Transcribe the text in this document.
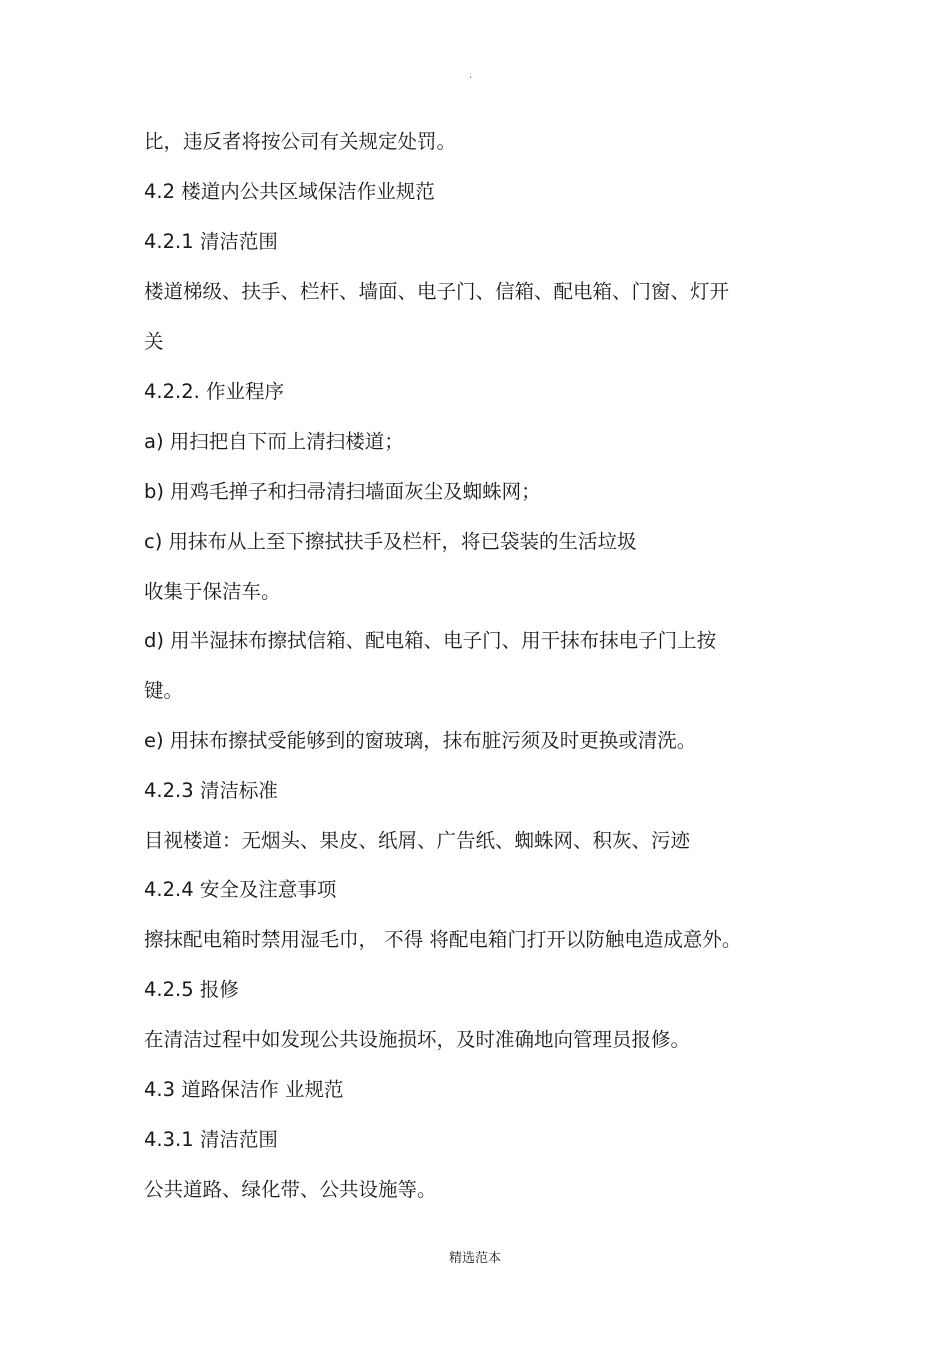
.
比，违反者将按公司有关规定处罚。
4.2 楼道内公共区域保洁作业规范
4.2.1 清洁范围
楼道梯级、扶手、栏杆、墙面、电子门、信箱、配电箱、门窗、灯开
关
4.2.2. 作业程序
a) 用扫把自下而上清扫楼道；
b) 用鸡毛掸子和扫帚清扫墙面灰尘及蜘蛛网；
c) 用抹布从上至下擦拭扶手及栏杆，将已袋装的生活垃圾
收集于保洁车。
d) 用半湿抹布擦拭信箱、配电箱、电子门、用干抹布抹电子门上按
键。
e) 用抹布擦拭受能够到的窗玻璃，抹布脏污须及时更换或清洗。
4.2.3 清洁标准
目视楼道：无烟头、果皮、纸屑、广告纸、蜘蛛网、积灰、污迹
4.2.4 安全及注意事项
擦抹配电箱时禁用湿毛巾， 不得 将配电箱门打开以防触电造成意外。
4.2.5 报修
在清洁过程中如发现公共设施损坏，及时准确地向管理员报修。
4.3 道路保洁作 业规范
4.3.1 清洁范围
公共道路、绿化带、公共设施等。
精选范本
